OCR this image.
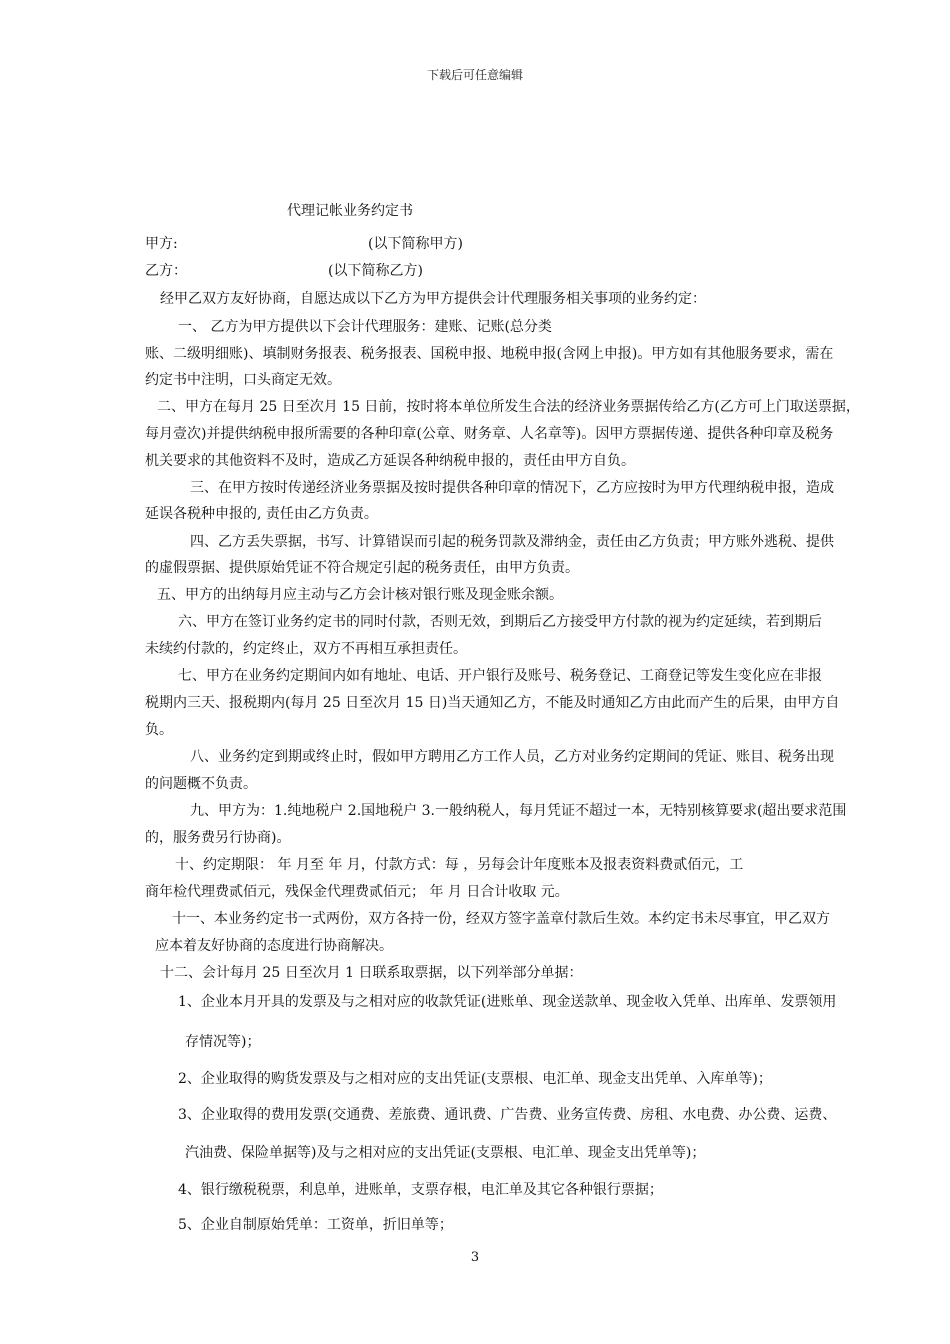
下载后可任意编辑
代理记帐业务约定书
甲方:	(以下简称甲方)
乙方：	(以下简称乙方)
经甲乙双方友好协商，自愿达成以下乙方为甲方提供会计代理服务相关事项的业务约定：
一、 乙方为甲方提供以下会计代理服务：建账、记账(总分类
账、二级明细账)、填制财务报表、税务报表、国税申报、地税申报(含网上申报)。甲方如有其他服务要求，需在
约定书中注明，口头商定无效。
二、甲方在每月 25 日至次月 15 日前，按时将本单位所发生合法的经济业务票据传给乙方(乙方可上门取送票据，
每月壹次)并提供纳税申报所需要的各种印章(公章、财务章、人名章等)。因甲方票据传递、提供各种印章及税务
机关要求的其他资料不及时，造成乙方延误各种纳税申报的，责任由甲方自负。
三、在甲方按时传递经济业务票据及按时提供各种印章的情况下，乙方应按时为甲方代理纳税申报，造成
延误各税种申报的, 责任由乙方负责。
四、乙方丢失票据，书写、计算错误而引起的税务罚款及滞纳金，责任由乙方负责；甲方账外逃税、提供
的虚假票据、提供原始凭证不符合规定引起的税务责任，由甲方负责。
五、甲方的出纳每月应主动与乙方会计核对银行账及现金账余额。
六、甲方在签订业务约定书的同时付款，否则无效，到期后乙方接受甲方付款的视为约定延续，若到期后
未续约付款的，约定终止，双方不再相互承担责任。
七、甲方在业务约定期间内如有地址、电话、开户银行及账号、税务登记、工商登记等发生变化应在非报
税期内三天、报税期内(每月 25 日至次月 15 日)当天通知乙方，不能及时通知乙方由此而产生的后果，由甲方自
负。
八、业务约定到期或终止时，假如甲方聘用乙方工作人员，乙方对业务约定期间的凭证、账目、税务出现
的问题概不负责。
九、甲方为：1.纯地税户 2.国地税户 3.一般纳税人，每月凭证不超过一本，无特别核算要求(超出要求范围
的，服务费另行协商)。
十、约定期限： 年 月至 年 月，付款方式：每 ，另每会计年度账本及报表资料费贰佰元，工
商年检代理费贰佰元，残保金代理费贰佰元； 年 月 日合计收取 元。
十一、本业务约定书一式两份，双方各持一份，经双方签字盖章付款后生效。本约定书未尽事宜，甲乙双方
应本着友好协商的态度进行协商解决。
十二、会计每月 25 日至次月 1 日联系取票据，以下列举部分单据：
1、企业本月开具的发票及与之相对应的收款凭证(进账单、现金送款单、现金收入凭单、出库单、发票领用
存情况等)；
2、企业取得的购货发票及与之相对应的支出凭证(支票根、电汇单、现金支出凭单、入库单等)；
3、企业取得的费用发票(交通费、差旅费、通讯费、广告费、业务宣传费、房租、水电费、办公费、运费、
汽油费、保险单据等)及与之相对应的支出凭证(支票根、电汇单、现金支出凭单等)；
4、银行缴税税票，利息单，进账单，支票存根，电汇单及其它各种银行票据；
5、企业自制原始凭单：工资单，折旧单等；
3
